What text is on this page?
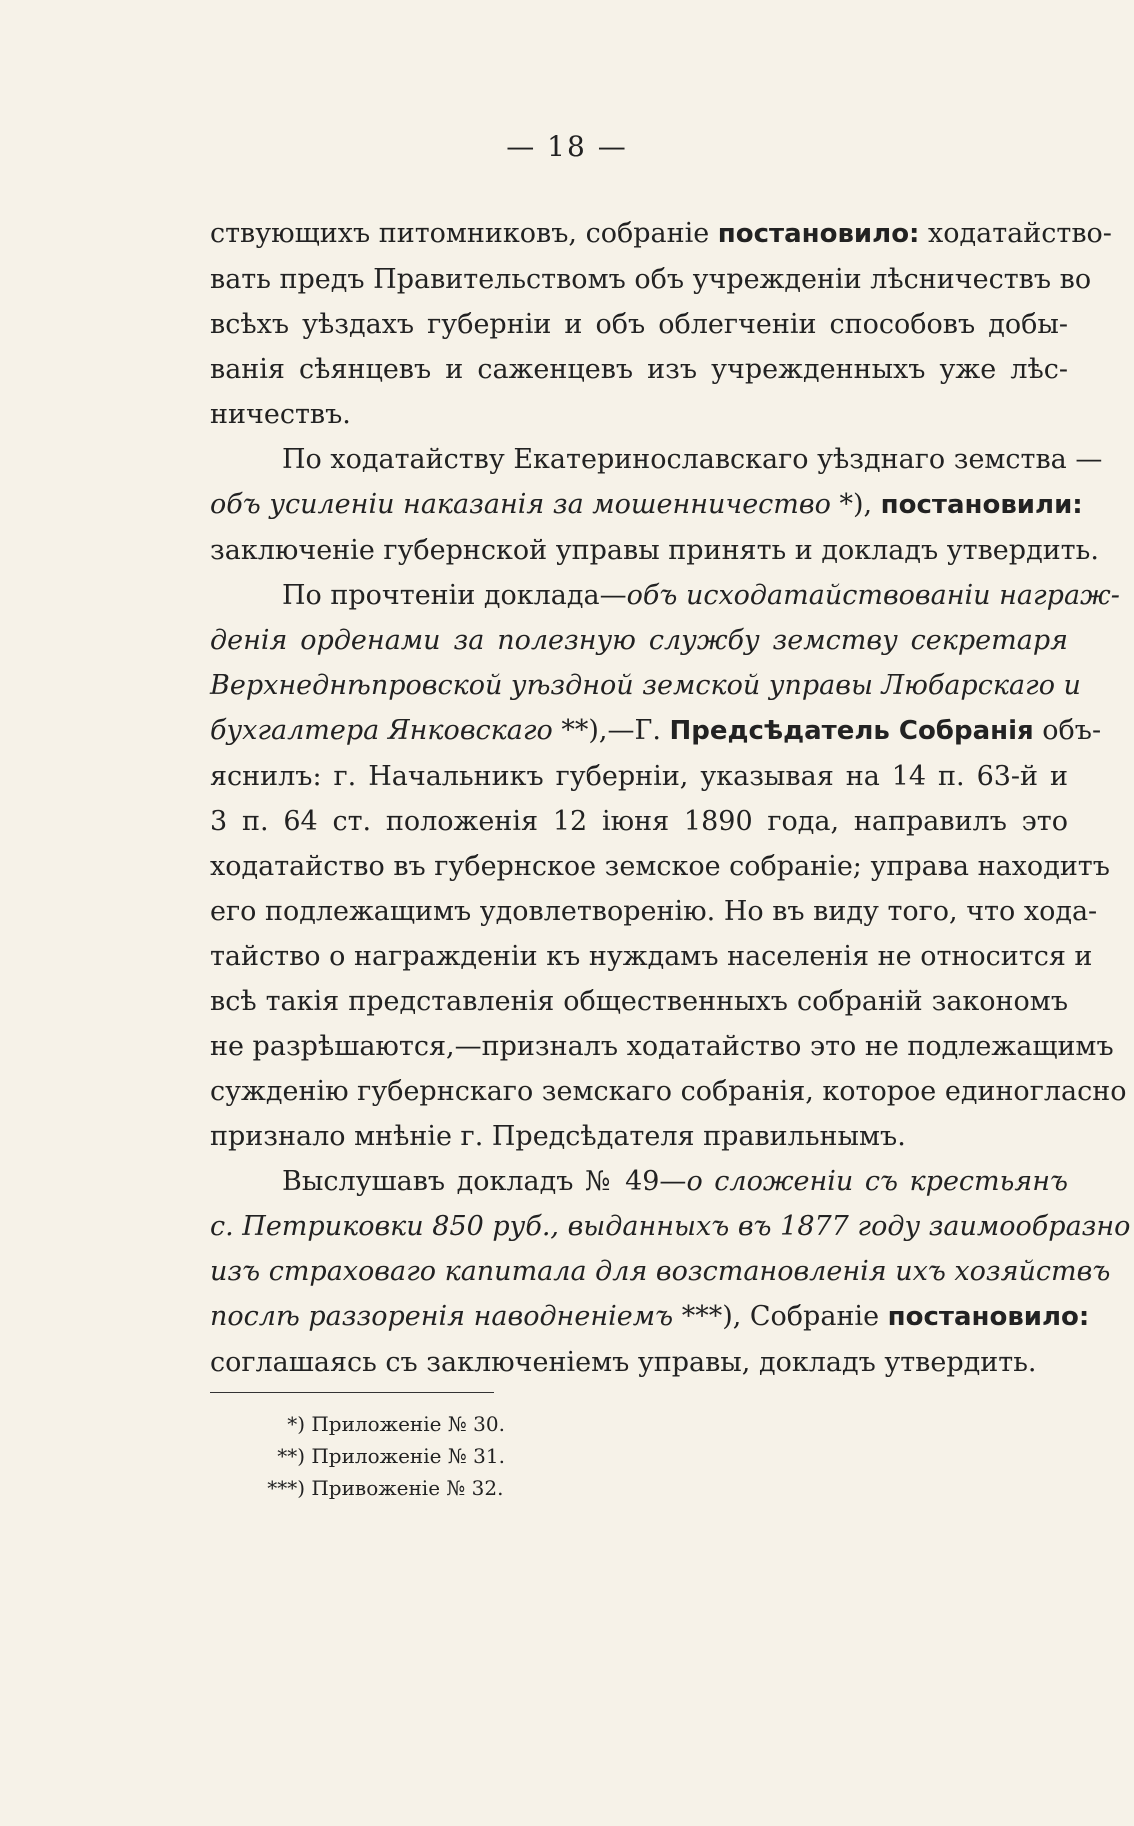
— 18 —
ствующихъ питомниковъ, собраніе постановило: ходатайство-
вать предъ Правительствомъ объ учрежденіи лѣсничествъ во
всѣхъ уѣздахъ губерніи и объ облегченіи способовъ добы-
ванія сѣянцевъ и саженцевъ изъ учрежденныхъ уже лѣс-
ничествъ.
По ходатайству Екатеринославскаго уѣзднаго земства —
объ усиленіи наказанія за мошенничество *), постановили:
заключеніе губернской управы принять и докладъ утвердить.
По прочтеніи доклада—объ исходатайствованіи награж-
денія орденами за полезную службу земству секретаря
Верхнеднѣпровской уѣздной земской управы Любарскаго и
бухгалтера Янковскаго **),—Г. Предсѣдатель Собранія объ-
яснилъ: г. Начальникъ губерніи, указывая на 14 п. 63-й и
3 п. 64 ст. положенія 12 іюня 1890 года, направилъ это
ходатайство въ губернское земское собраніе; управа находитъ
его подлежащимъ удовлетворенію. Но въ виду того, что хода-
тайство о награжденіи къ нуждамъ населенія не относится и
всѣ такія представленія общественныхъ собраній закономъ
не разрѣшаются,—призналъ ходатайство это не подлежащимъ
сужденію губернскаго земскаго собранія, которое единогласно
признало мнѣніе г. Предсѣдателя правильнымъ.
Выслушавъ докладъ № 49—о сложеніи съ крестьянъ
с. Петриковки 850 руб., выданныхъ въ 1877 году заимообразно
изъ страховаго капитала для возстановленія ихъ хозяйствъ
послѣ раззоренія наводненіемъ ***), Собраніе постановило:
соглашаясь съ заключеніемъ управы, докладъ утвердить.
*) Приложеніе № 30.
**) Приложеніе № 31.
***) Привоженіе № 32.
